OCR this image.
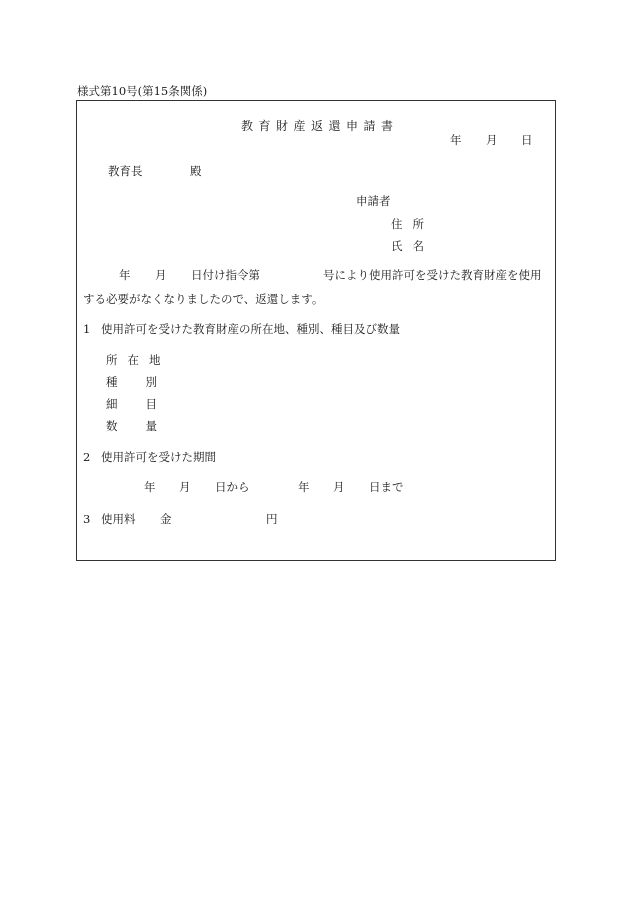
様式第10号(第15条関係)
教育財産返還申請書
年 月 日
教育長	殿
申請者
住所
氏名
年 月 日付け指令第	号により使用許可を受けた教育財産を使用
する必要がなくなりましたので、返還します。
1 使用許可を受けた教育財産の所在地、種別、種目及び数量
所在地
種別
細目
数量
2 使用許可を受けた期間
年 月 日から	年 月 日まで
3 使用料 金	円
